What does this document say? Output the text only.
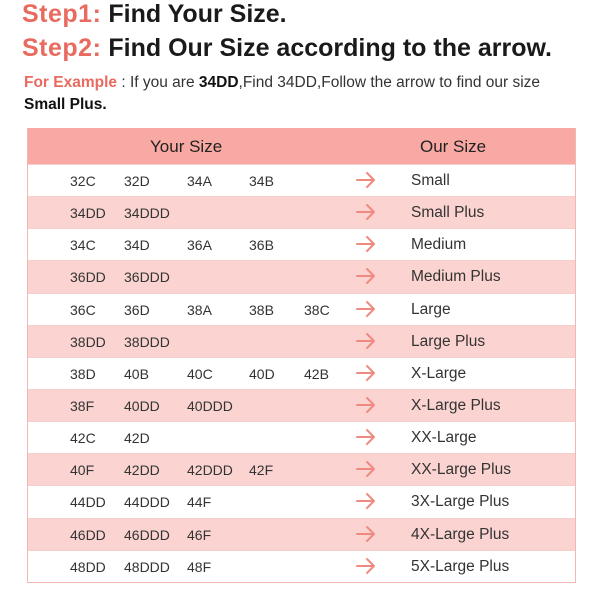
Step1: Find Your Size.
Step2: Find Our Size according to the arrow.
For Example : If you are 34DD,Find 34DD,Follow the arrow to find our size Small Plus.
Your Size	Our Size
32C 32D	34A	34B	Small
34DD 34DDD	Small Plus
34C 34D	36A	36B	Medium
36DD 36DDD	Medium Plus
36C 36D	38A	38B 38C	Large
38DD 38DDD	Large Plus
38D 40B	40C	40D 42B	X-Large
38F 40DD 40DDD	X-Large Plus
42C 42D	XX-Large
40F 42DD 42DDD 42F	XX-Large Plus
44DD 44DDD 44F	3X-Large Plus
46DD 46DDD 46F	4X-Large Plus
48DD 48DDD 48F	5X-Large Plus
